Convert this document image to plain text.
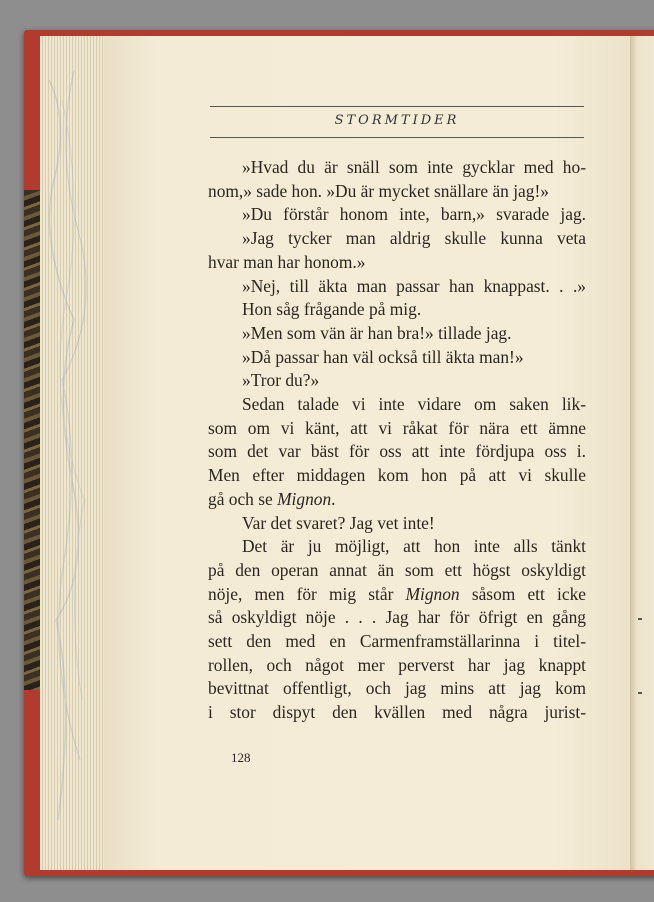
STORMTIDER
»Hvad du är snäll som inte gycklar med ho-
nom,» sade hon. »Du är mycket snällare än jag!»
»Du förstår honom inte, barn,» svarade jag.
»Jag tycker man aldrig skulle kunna veta
hvar man har honom.»
»Nej, till äkta man passar han knappast. . .»
Hon såg frågande på mig.
»Men som vän är han bra!» tillade jag.
»Då passar han väl också till äkta man!»
»Tror du?»
Sedan talade vi inte vidare om saken lik-
som om vi känt, att vi råkat för nära ett ämne
som det var bäst för oss att inte fördjupa oss i.
Men efter middagen kom hon på att vi skulle
gå och se Mignon.
Var det svaret? Jag vet inte!
Det är ju möjligt, att hon inte alls tänkt
på den operan annat än som ett högst oskyldigt
nöje, men för mig står Mignon såsom ett icke
så oskyldigt nöje . . . Jag har för öfrigt en gång
sett den med en Carmenframställarinna i titel-
rollen, och något mer perverst har jag knappt
bevittnat offentligt, och jag mins att jag kom
i stor dispyt den kvällen med några jurist-
128
